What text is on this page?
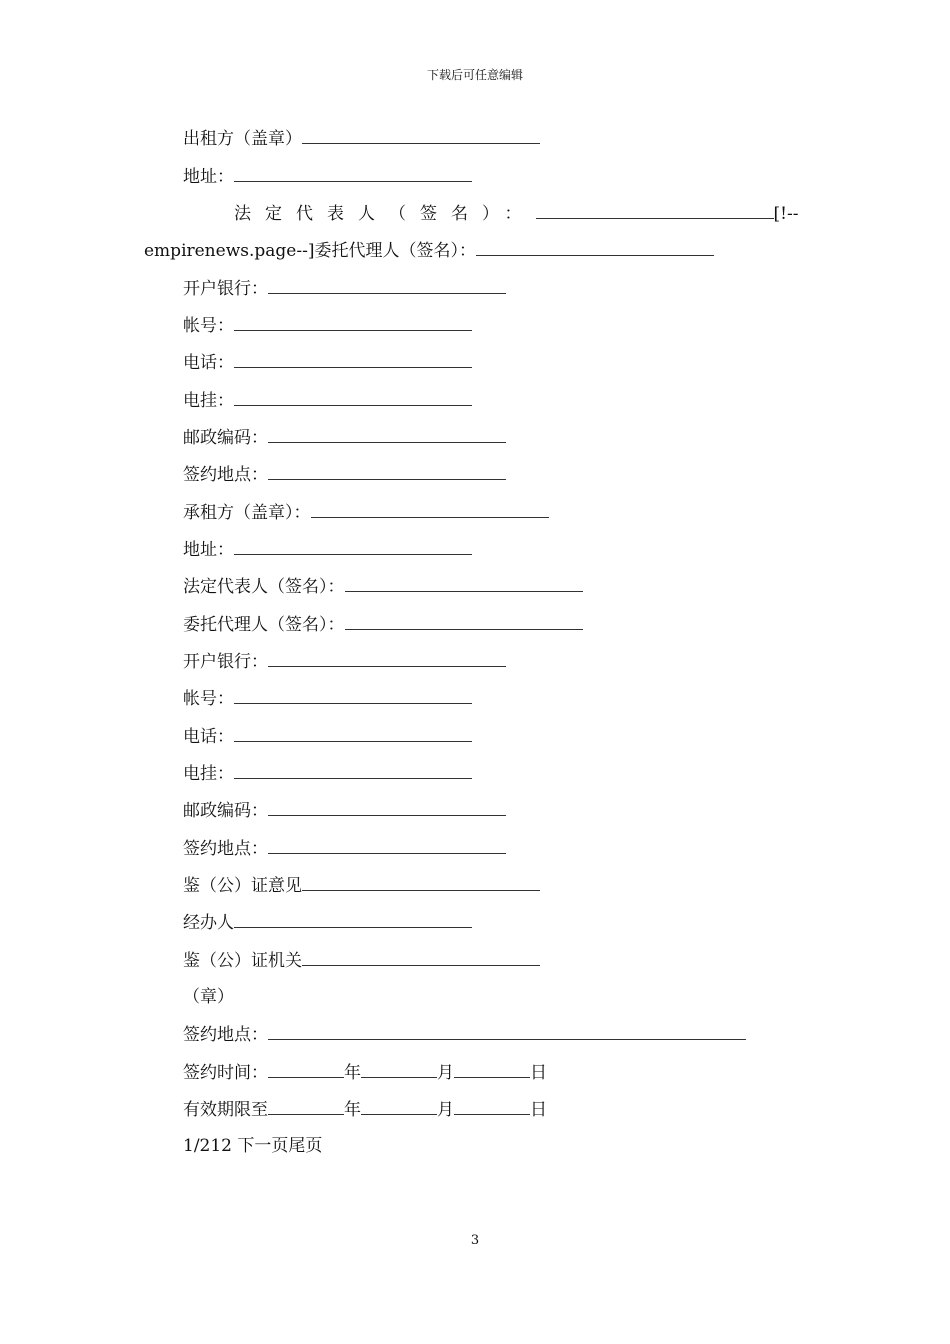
下载后可任意编辑
出租方（盖章）
地址：
法定代表人（签名）：	[!--
empirenews.page--]委托代理人（签名）：
开户银行：
帐号：
电话：
电挂：
邮政编码：
签约地点：
承租方（盖章）：
地址：
法定代表人（签名）：
委托代理人（签名）：
开户银行：
帐号：
电话：
电挂：
邮政编码：
签约地点：
鉴（公）证意见
经办人
鉴（公）证机关
（章）
签约地点：
签约时间：	年	月	日
有效期限至	年	月	日
1/212 下一页尾页
3
